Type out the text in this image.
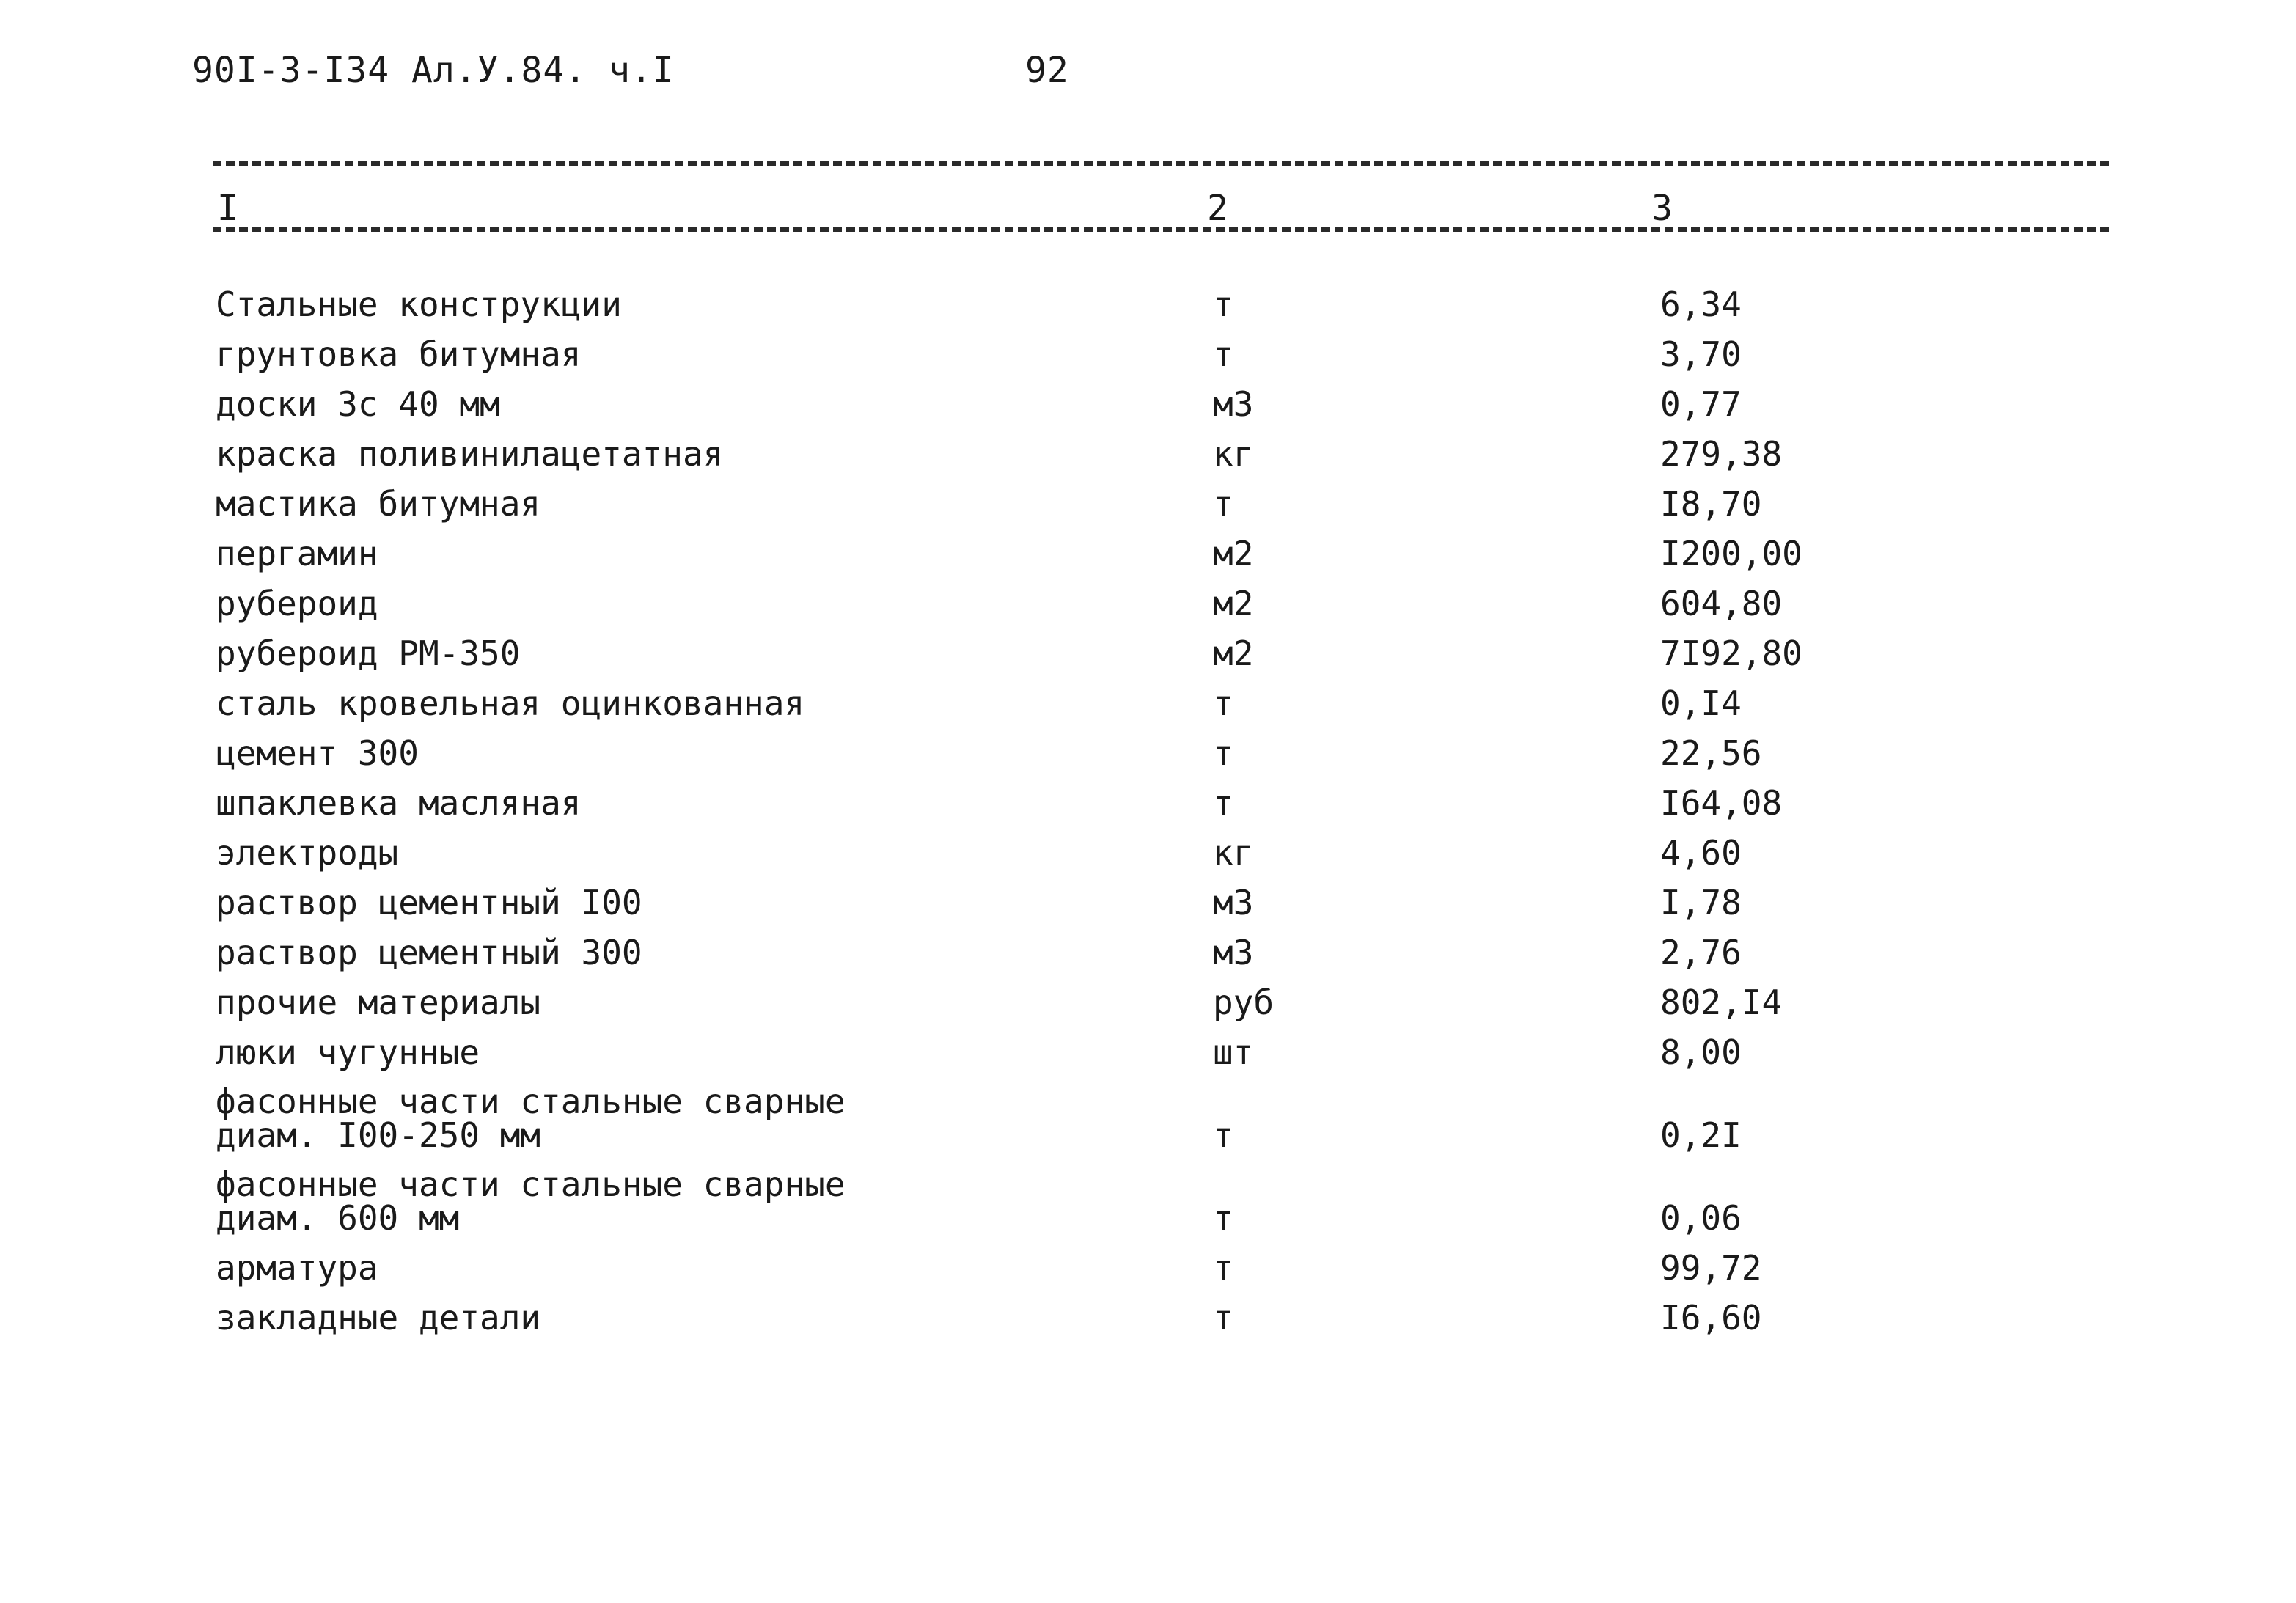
90I-3-I34 Ал.У.84. ч.I	92
I	2	3
Стальные конструкции	т	6,34
грунтовка битумная	т	3,70
доски 3с 40 мм	м3	0,77
краска поливинилацетатная	кг	279,38
мастика битумная	т	I8,70
пергамин	м2	I200,00
рубероид	м2	604,80
рубероид РМ-350	м2	7I92,80
сталь кровельная оцинкованная	т	0,I4
цемент 300	т	22,56
шпаклевка масляная	т	I64,08
электроды	кг	4,60
раствор цементный I00	м3	I,78
раствор цементный 300	м3	2,76
прочие материалы	руб	802,I4
люки чугунные	шт	8,00
фасонные части стальные сварные
диам. I00-250 мм	т	0,2I
фасонные части стальные сварные
диам. 600 мм	т	0,06
арматура	т	99,72
закладные детали	т	I6,60
